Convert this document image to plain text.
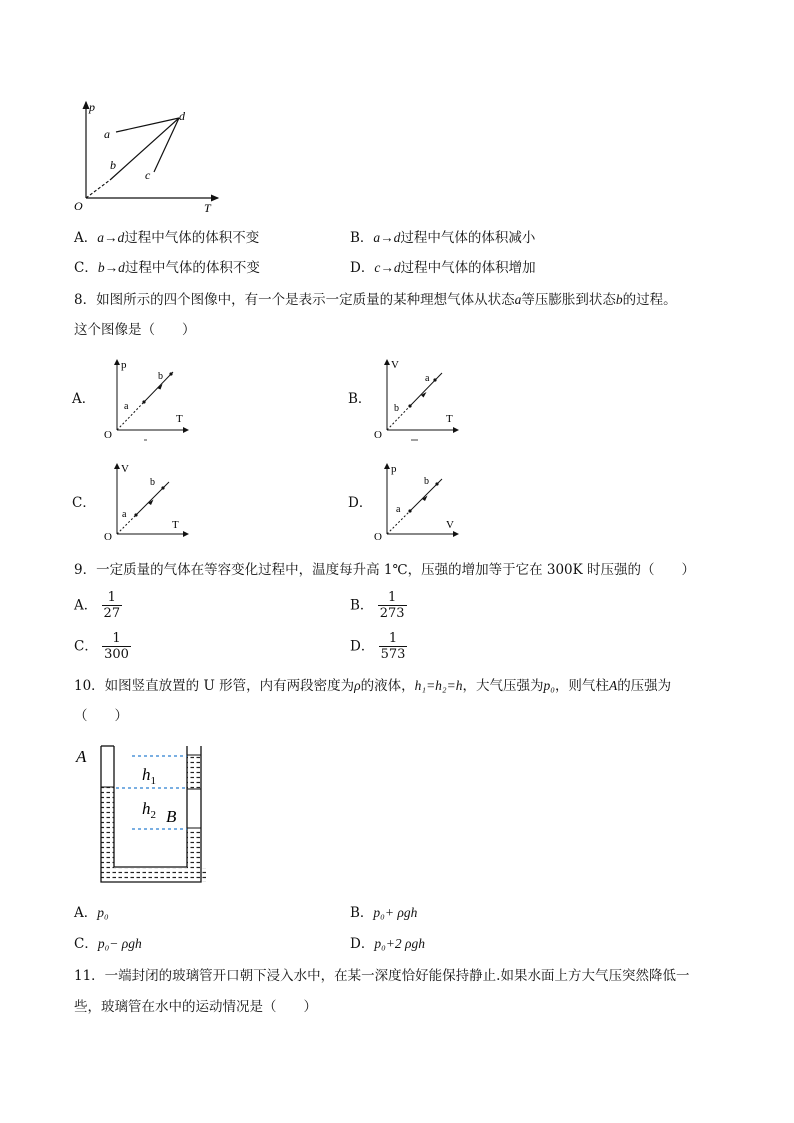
p
O	T
a
b
c
d
A．a→d过程中气体的体积不变	B．a→d过程中气体的体积减小
C．b→d过程中气体的体积不变	D．c→d过程中气体的体积增加
8．如图所示的四个图像中，有一个是表示一定质量的某种理想气体从状态a等压膨胀到状态b的过程。
这个图像是（　　）
A．
p
T
O
a
b
B．
V
T
O
a
b
C．
V
T
O
a
b
D．
p
V
O
a
b
9．一定质量的气体在等容变化过程中，温度每升高 1℃，压强的增加等于它在 300K 时压强的（　　）
A． $\frac{1}{27}$	B． $\frac{1}{273}$
C． $\frac{1}{300}$	D． $\frac{1}{573}$
10．如图竖直放置的 U 形管，内有两段密度为ρ的液体，h₁=h₂=h，大气压强为p₀，则气柱A的压强为
（　　）
A
$h_1$
$h_2$ B
A．p₀	B．p₀+ ρgh
C．p₀− ρgh	D．p₀+2 ρgh
11．一端封闭的玻璃管开口朝下浸入水中，在某一深度恰好能保持静止.如果水面上方大气压突然降低一
些，玻璃管在水中的运动情况是（　　）
